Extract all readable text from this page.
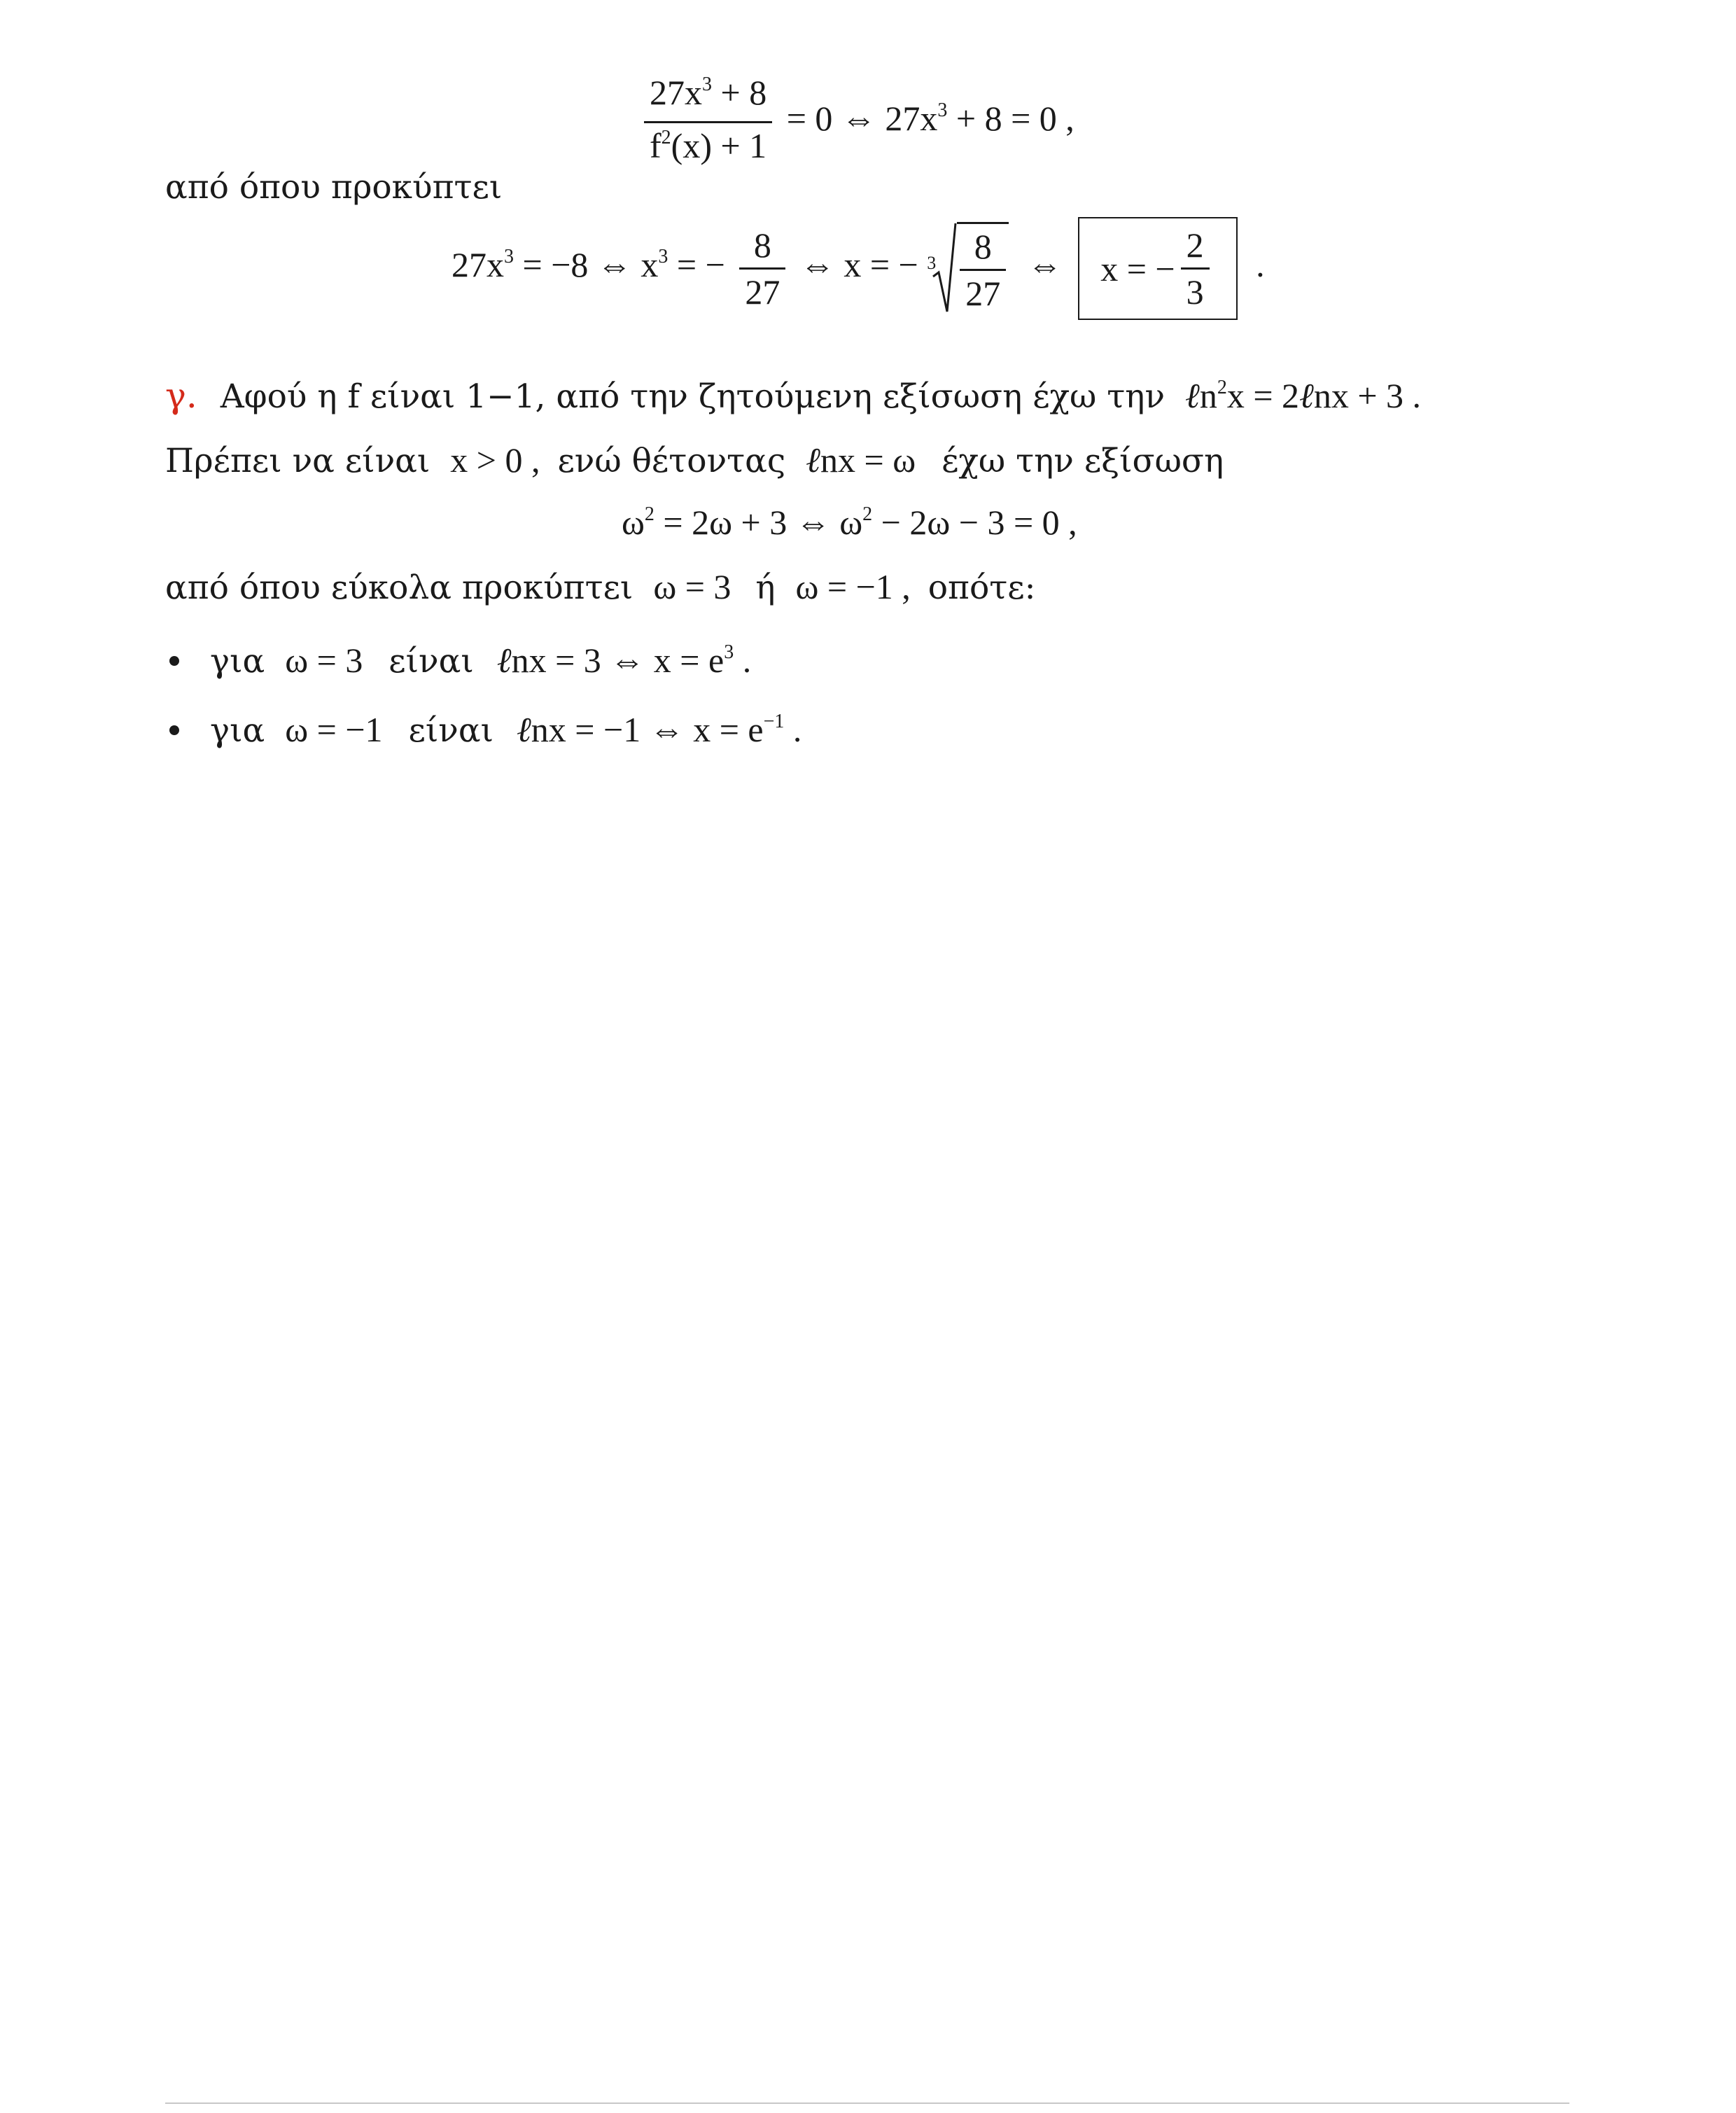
$\frac{27x^3 + 8}{f^2(x) + 1} = 0$ ⇔ $27x^3 + 8 = 0$ ,
από όπου προκύπτει
$27x^3 = -8$ ⇔ $x^3$ = − $\frac{8}{27}$ ⇔ x = − $3 \frac{8}{27}$ ⇔ x = − $\frac{2}{3}$ .
γ. Αφού η f είναι 1−1, από την ζητούμενη εξίσωση έχω την ℓn$^2$x = 2ℓnx + 3 .
Πρέπει να είναι x > 0 , ενώ θέτοντας ℓnx = ω έχω την εξίσωση
$\omega^2 = 2\omega + 3$ ⇔ $\omega^2 - 2\omega - 3 = 0$ ,
από όπου εύκολα προκύπτει ω = 3 ή ω = −1 , οπότε:
για ω = 3 είναι ℓnx = 3 ⇔ $x = e^3$ .
για ω = −1 είναι ℓnx = −1 ⇔ $x = e^{-1}$ .
